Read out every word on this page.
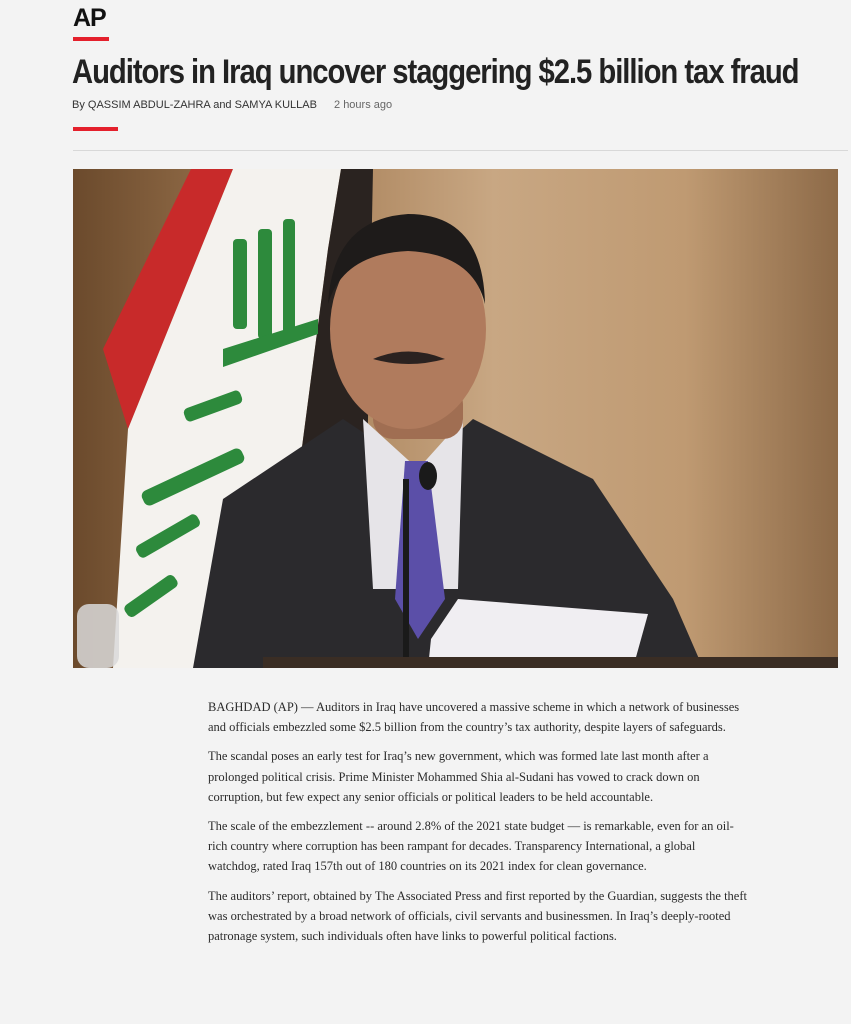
AP
Auditors in Iraq uncover staggering $2.5 billion tax fraud
By QASSIM ABDUL-ZAHRA and SAMYA KULLAB 2 hours ago

BAGHDAD (AP) — Auditors in Iraq have uncovered a massive scheme in which a network of businesses and officials embezzled some $2.5 billion from the country’s tax authority, despite layers of safeguards.

The scandal poses an early test for Iraq’s new government, which was formed late last month after a prolonged political crisis. Prime Minister Mohammed Shia al-Sudani has vowed to crack down on corruption, but few expect any senior officials or political leaders to be held accountable.

The scale of the embezzlement -- around 2.8% of the 2021 state budget — is remarkable, even for an oil-rich country where corruption has been rampant for decades. Transparency International, a global watchdog, rated Iraq 157th out of 180 countries on its 2021 index for clean governance.

The auditors’ report, obtained by The Associated Press and first reported by the Guardian, suggests the theft was orchestrated by a broad network of officials, civil servants and businessmen. In Iraq’s deeply-rooted patronage system, such individuals often have links to powerful political factions.
